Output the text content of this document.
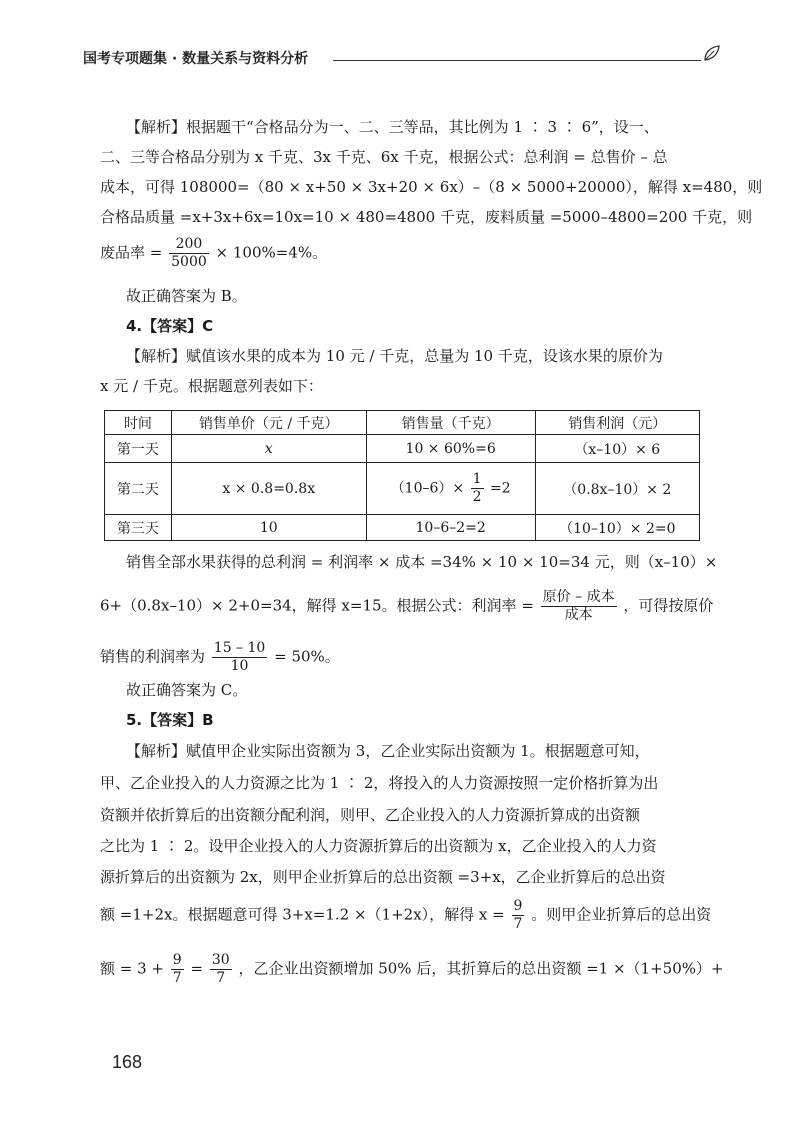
国考专项题集 · 数量关系与资料分析
【解析】根据题干“合格品分为一、二、三等品，其比例为 1 ∶ 3 ∶ 6”，设一、
二、三等合格品分别为 x 千克、3x 千克、6x 千克，根据公式：总利润 = 总售价 – 总
成本，可得 108000=（80 × x+50 × 3x+20 × 6x）–（8 × 5000+20000），解得 x=480，则
合格品质量 =x+3x+6x=10x=10 × 480=4800 千克，废料质量 =5000–4800=200 千克，则
废品率 = $\frac{200}{5000} \times 100\%=4\%$。
故正确答案为 B。
4.【答案】C
【解析】赋值该水果的成本为 10 元 / 千克，总量为 10 千克，设该水果的原价为
x 元 / 千克。根据题意列表如下：
时间	销售单价（元 / 千克）	销售量（千克）	销售利润（元）
第一天	x	10 × 60%=6	（x–10）× 6
第二天	x × 0.8=0.8x	$(10-6)\times \frac{1}{2} =2$	（0.8x–10）× 2
第三天	10	10–6–2=2	（10–10）× 2=0
销售全部水果获得的总利润 = 利润率 × 成本 =34% × 10 × 10=34 元，则（x–10）×
6+（0.8x–10）× 2+0=34，解得 x=15。根据公式：利润率 = $\frac{\text{原价 – 成本}}{\text{成本}}$ ，可得按原价
销售的利润率为 $\frac{15 - 10}{10} = 50\%$。
故正确答案为 C。
5.【答案】B
【解析】赋值甲企业实际出资额为 3，乙企业实际出资额为 1。根据题意可知，
甲、乙企业投入的人力资源之比为 1 ∶ 2，将投入的人力资源按照一定价格折算为出
资额并依折算后的出资额分配利润，则甲、乙企业投入的人力资源折算成的出资额
之比为 1 ∶ 2。设甲企业投入的人力资源折算后的出资额为 x，乙企业投入的人力资
源折算后的出资额为 2x，则甲企业折算后的总出资额 =3+x，乙企业折算后的总出资
额 =1+2x。根据题意可得 3+x=1.2 ×（1+2x），解得 $x = \frac{9}{7}$ 。则甲企业折算后的总出资
额 = $3 + \frac{9}{7} = \frac{30}{7}$ ，乙企业出资额增加 50% 后，其折算后的总出资额 =1 ×（1+50%）+
168
